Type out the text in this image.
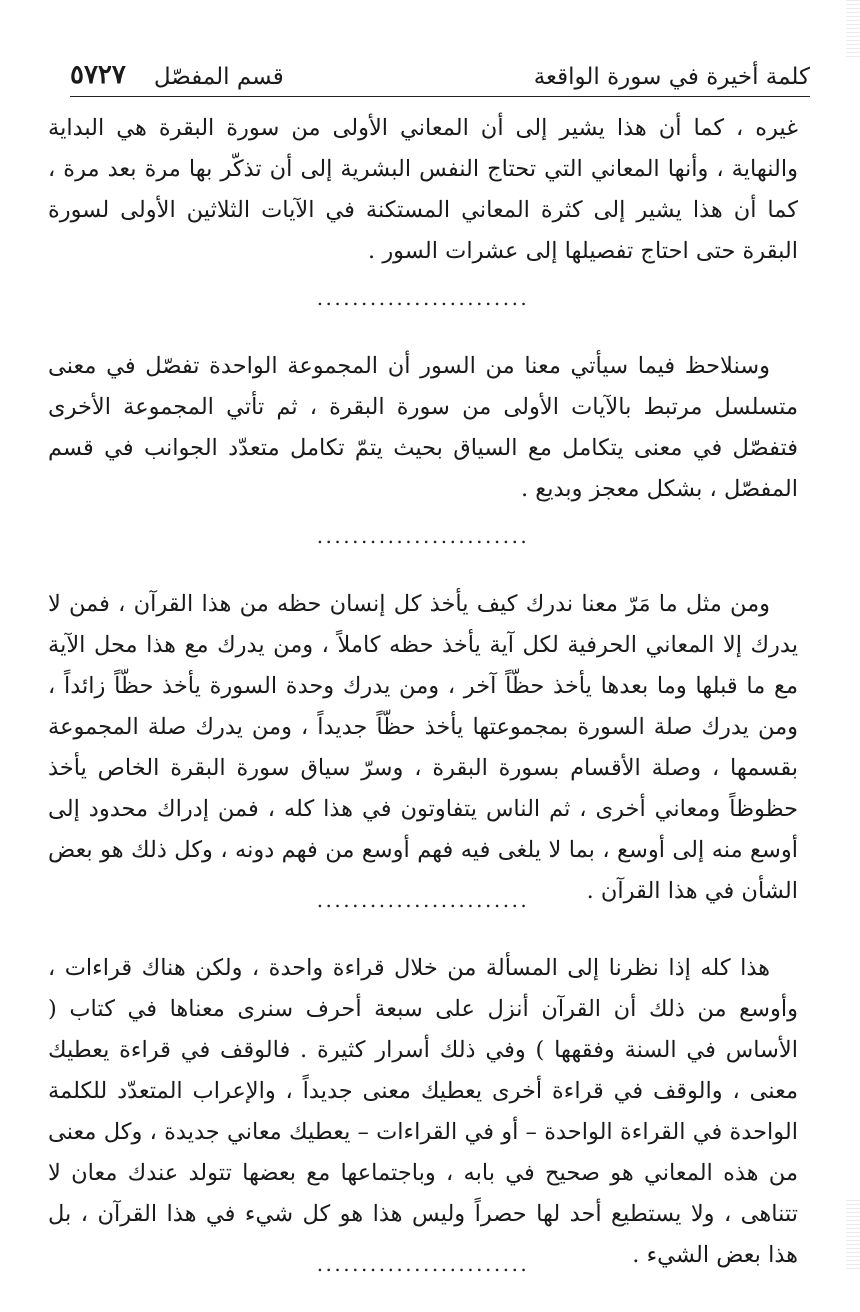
كلمة أخيرة في سورة الواقعة
قسم المفصّل
٥٧٢٧

غيره ، كما أن هذا يشير إلى أن المعاني الأولى من سورة البقرة هي البداية والنهاية ، وأنها المعاني التي تحتاج النفس البشرية إلى أن تذكّر بها مرة بعد مرة ، كما أن هذا يشير إلى كثرة المعاني المستكنة في الآيات الثلاثين الأولى لسورة البقرة حتى احتاج تفصيلها إلى عشرات السور .

........................

وسنلاحظ فيما سيأتي معنا من السور أن المجموعة الواحدة تفصّل في معنى متسلسل مرتبط بالآيات الأولى من سورة البقرة ، ثم تأتي المجموعة الأخرى فتفصّل في معنى يتكامل مع السياق بحيث يتمّ تكامل متعدّد الجوانب في قسم المفصّل ، بشكل معجز وبديع .

........................

ومن مثل ما مَرّ معنا ندرك كيف يأخذ كل إنسان حظه من هذا القرآن ، فمن لا يدرك إلا المعاني الحرفية لكل آية يأخذ حظه كاملاً ، ومن يدرك مع هذا محل الآية مع ما قبلها وما بعدها يأخذ حظّاً آخر ، ومن يدرك وحدة السورة يأخذ حظّاً زائداً ، ومن يدرك صلة السورة بمجموعتها يأخذ حظّاً جديداً ، ومن يدرك صلة المجموعة بقسمها ، وصلة الأقسام بسورة البقرة ، وسرّ سياق سورة البقرة الخاص يأخذ حظوظاً ومعاني أخرى ، ثم الناس يتفاوتون في هذا كله ، فمن إدراك محدود إلى أوسع منه إلى أوسع ، بما لا يلغى فيه فهم أوسع من فهم دونه ، وكل ذلك هو بعض الشأن في هذا القرآن .

........................

هذا كله إذا نظرنا إلى المسألة من خلال قراءة واحدة ، ولكن هناك قراءات ، وأوسع من ذلك أن القرآن أنزل على سبعة أحرف سنرى معناها في كتاب ( الأساس في السنة وفقهها ) وفي ذلك أسرار كثيرة . فالوقف في قراءة يعطيك معنى ، والوقف في قراءة أخرى يعطيك معنى جديداً ، والإعراب المتعدّد للكلمة الواحدة في القراءة الواحدة – أو في القراءات – يعطيك معاني جديدة ، وكل معنى من هذه المعاني هو صحيح في بابه ، وباجتماعها مع بعضها تتولد عندك معان لا تتناهى ، ولا يستطيع أحد لها حصراً وليس هذا هو كل شيء في هذا القرآن ، بل هذا بعض الشيء .

........................
